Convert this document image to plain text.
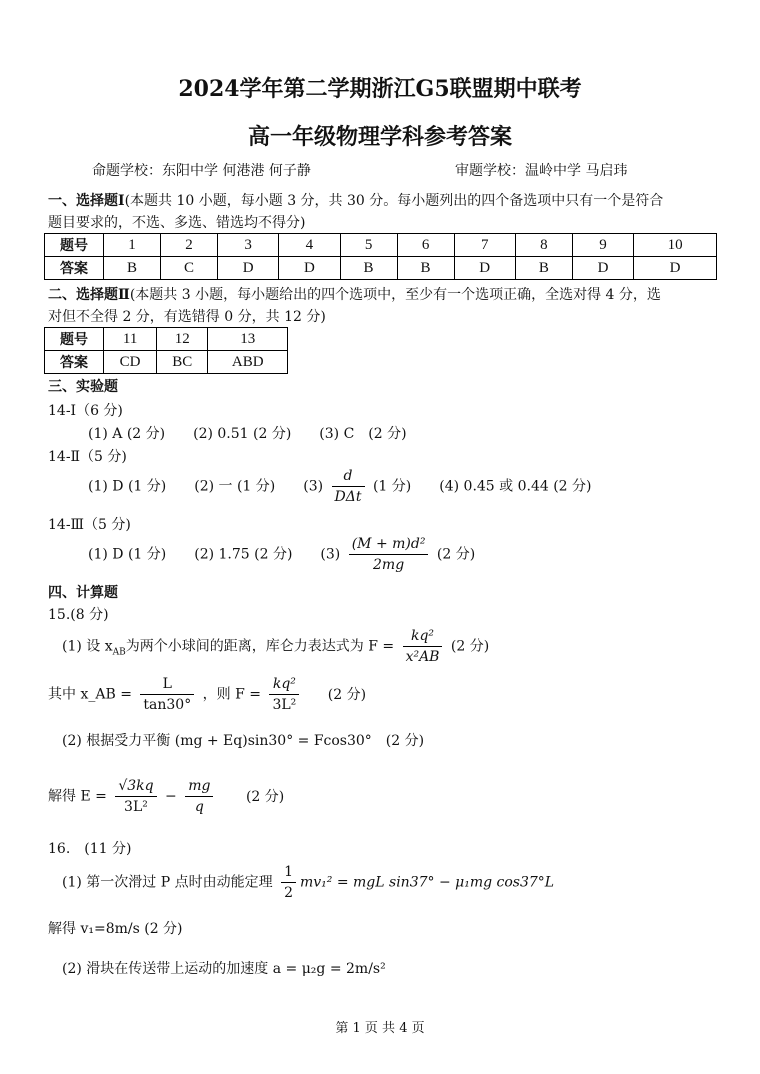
2024学年第二学期浙江G5联盟期中联考
高一年级物理学科参考答案
命题学校：东阳中学 何港港 何子静	审题学校：温岭中学 马启玮
一、选择题Ⅰ(本题共 10 小题，每小题 3 分，共 30 分。每小题列出的四个备选项中只有一个是符合
题目要求的，不选、多选、错选均不得分)
题号	1	2	3	4	5	6	7	8	9	10
答案	B	C	D	D	B	B	D	B	D	D
二、选择题Ⅱ(本题共 3 小题，每小题给出的四个选项中，至少有一个选项正确，全选对得 4 分，选
对但不全得 2 分，有选错得 0 分，共 12 分)
题号	11	12	13
答案	CD	BC	ABD
三、实验题
14-Ⅰ（6 分)
(1) A (2 分)　　(2) 0.51 (2 分)　　(3) C　(2 分)
14-Ⅱ（5 分)
(1) D (1 分)　　(2) 一 (1 分)　　$(3) \frac{d}{\text{DΔt}} (1$ 分)　　(4) 0.45 或 0.44 (2 分)
14-Ⅲ（5 分)
(1) D (1 分)　　(2) 1.75 (2 分)　　$(3) \frac{\text{(M + m)d²}}{2mg} (2$ 分)
四、计算题
15.(8 分)
(1) 设 $x_{AB}$为两个小球间的距离，库仑力表达式为 $F = \frac{\text{kq²}}{\text{x²AB}} (2$ 分)
其中 x_AB = $\frac{L}{\tan 30^\circ}$ ，则 $F = \frac{\text{kq²}}{\text{3L²}} (2$ 分)
(2) 根据受力平衡 (mg + Eq)sin30° = Fcos30°　(2 分)
解得 $E = \frac{√3kq}{\text{3L²}} - \frac{mg}{q} (2$ 分)
16.　(11 分)
(1) 第一次滑过 P 点时由动能定理 $\frac{1}{2} mv_1^2$ = mgL sin37° − μ₁mg cos37°L
解得 v₁=8m/s (2 分)
(2) 滑块在传送带上运动的加速度 a = μ₂g = 2m/s²
第 1 页 共 4 页
